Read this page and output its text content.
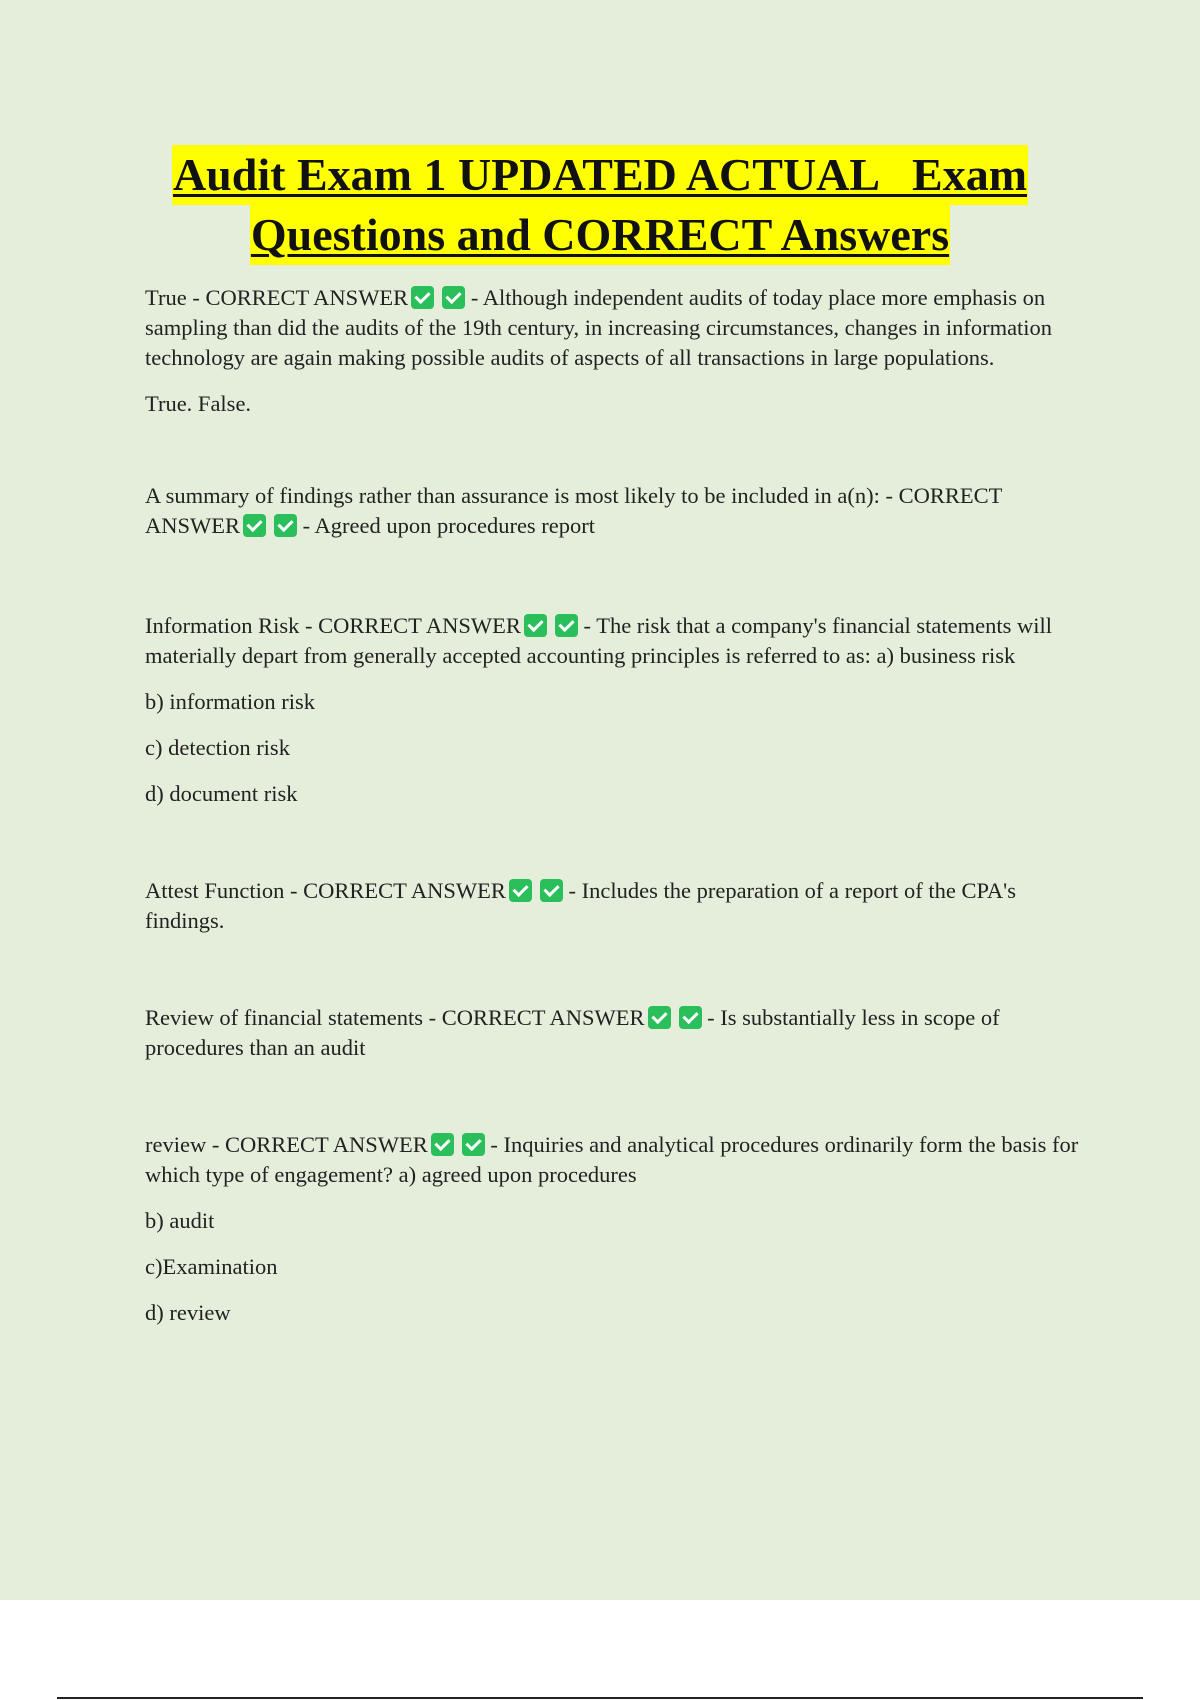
Audit Exam 1 UPDATED ACTUAL   Exam
Questions and CORRECT Answers

True - CORRECT ANSWER	- Although independent audits of today place more emphasis on sampling than did the audits of the 19th century, in increasing circumstances, changes in information technology are again making possible audits of aspects of all transactions in large populations.

True. False.

A summary of findings rather than assurance is most likely to be included in a(n): - CORRECT ANSWER	- Agreed upon procedures report

Information Risk - CORRECT ANSWER	- The risk that a company's financial statements will materially depart from generally accepted accounting principles is referred to as: a) business risk

b) information risk
c) detection risk
d) document risk

Attest Function - CORRECT ANSWER	- Includes the preparation of a report of the CPA's findings.

Review of financial statements - CORRECT ANSWER	- Is substantially less in scope of procedures than an audit

review - CORRECT ANSWER	- Inquiries and analytical procedures ordinarily form the basis for which type of engagement? a) agreed upon procedures

b) audit
c)Examination
d) review
